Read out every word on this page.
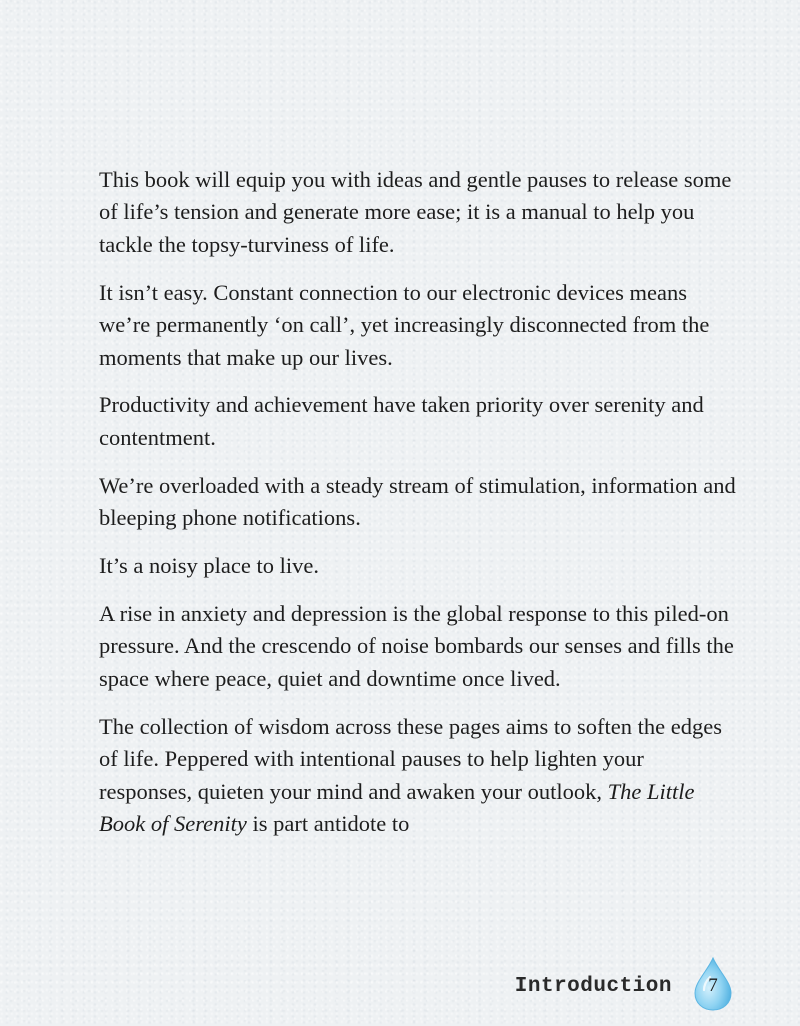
This book will equip you with ideas and gentle pauses to release some of life’s tension and generate more ease; it is a manual to help you tackle the topsy-turviness of life.

It isn’t easy. Constant connection to our electronic devices means we’re permanently ‘on call’, yet increasingly disconnected from the moments that make up our lives.

Productivity and achievement have taken priority over serenity and contentment.

We’re overloaded with a steady stream of stimulation, information and bleeping phone notifications.

It’s a noisy place to live.

A rise in anxiety and depression is the global response to this piled-on pressure. And the crescendo of noise bombards our senses and fills the space where peace, quiet and downtime once lived.

The collection of wisdom across these pages aims to soften the edges of life. Peppered with intentional pauses to help lighten your responses, quieten your mind and awaken your outlook, The Little Book of Serenity is part antidote to

Introduction	7
